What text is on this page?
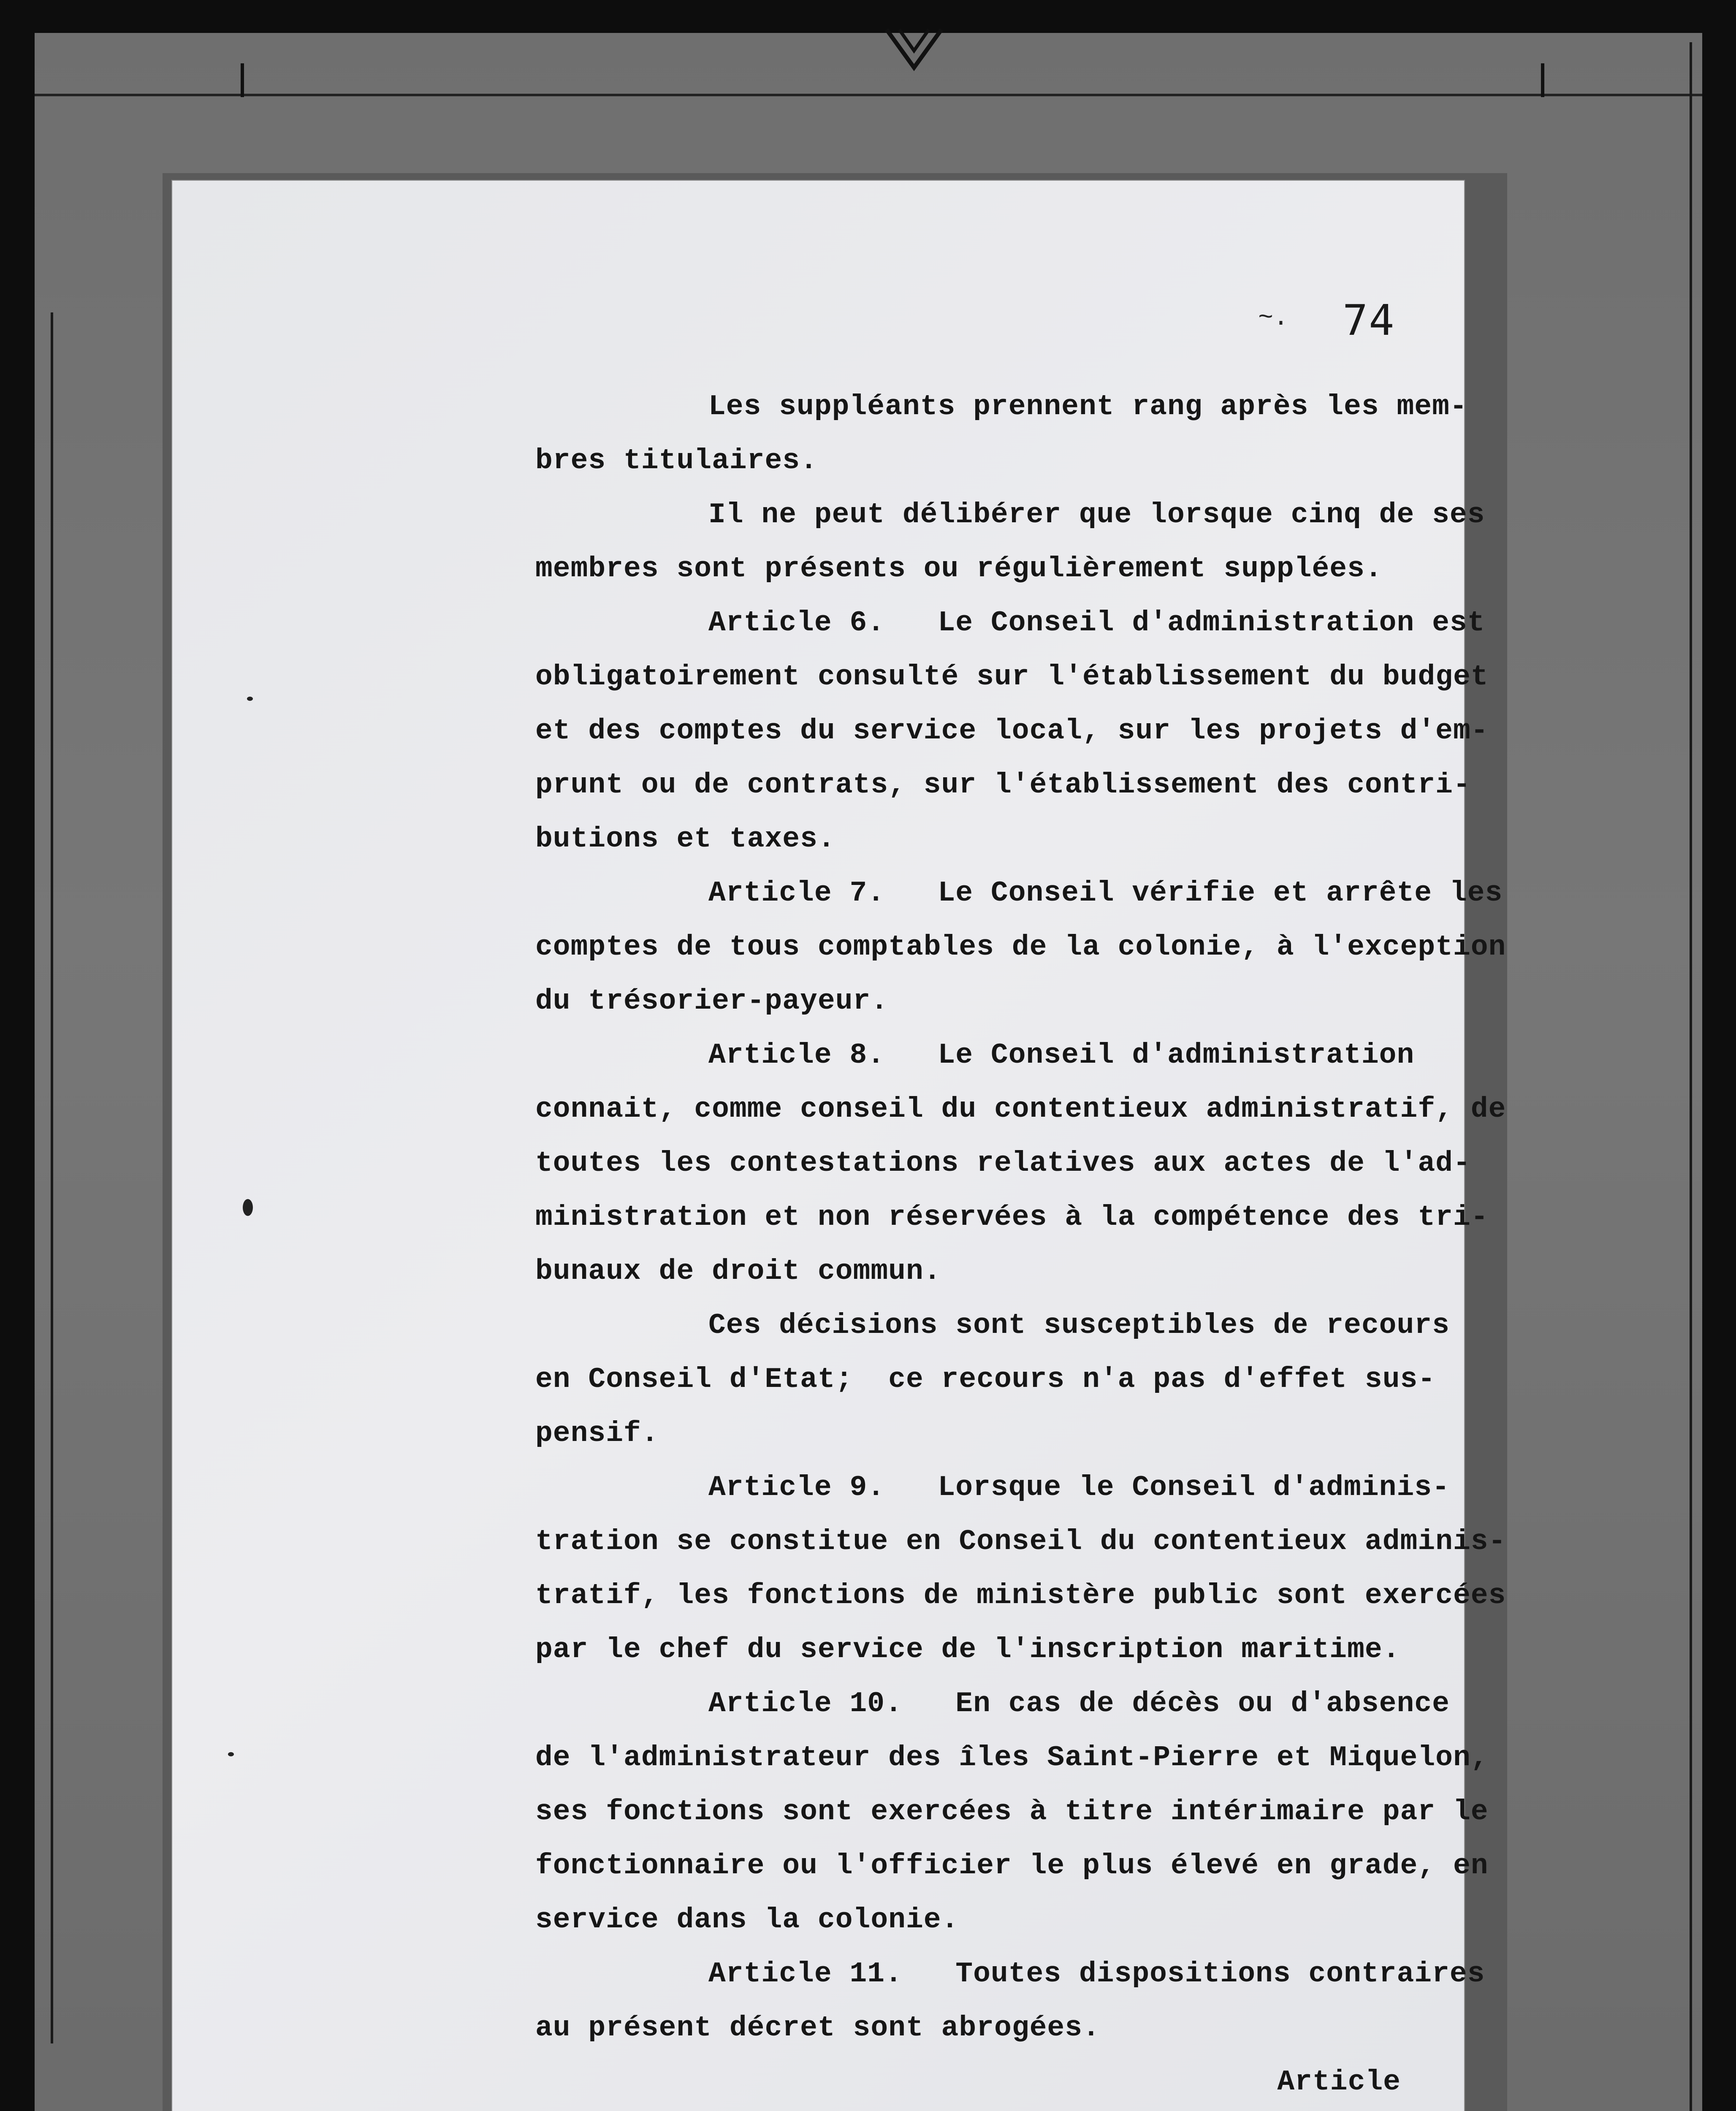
~. 74
Les suppléants prennent rang après les mem-
bres titulaires.
Il ne peut délibérer que lorsque cinq de ses
membres sont présents ou régulièrement supplées.
Article 6.   Le Conseil d'administration est
obligatoirement consulté sur l'établissement du budget
et des comptes du service local, sur les projets d'em-
prunt ou de contrats, sur l'établissement des contri-
butions et taxes.
Article 7.   Le Conseil vérifie et arrête les
comptes de tous comptables de la colonie, à l'exception
du trésorier-payeur.
Article 8.   Le Conseil d'administration
connait, comme conseil du contentieux administratif, de
toutes les contestations relatives aux actes de l'ad-
ministration et non réservées à la compétence des tri-
bunaux de droit commun.
Ces décisions sont susceptibles de recours
en Conseil d'Etat;  ce recours n'a pas d'effet sus-
pensif.
Article 9.   Lorsque le Conseil d'adminis-
tration se constitue en Conseil du contentieux adminis-
tratif, les fonctions de ministère public sont exercées
par le chef du service de l'inscription maritime.
Article 10.   En cas de décès ou d'absence
de l'administrateur des îles Saint-Pierre et Miquelon,
ses fonctions sont exercées à titre intérimaire par le
fonctionnaire ou l'officier le plus élevé en grade, en
service dans la colonie.
Article 11.   Toutes dispositions contraires
au présent décret sont abrogées.
Article
